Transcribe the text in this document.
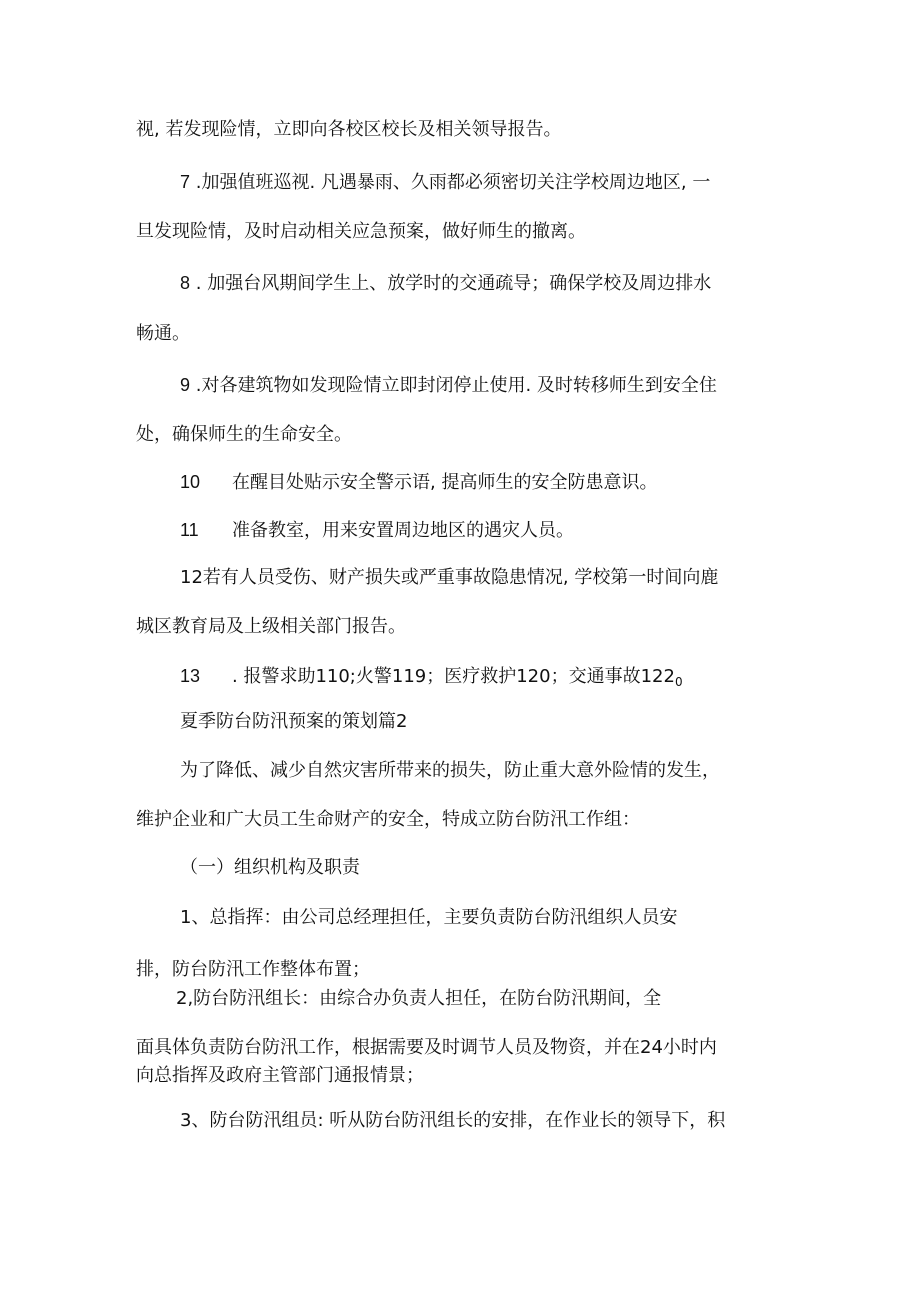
视, 若发现险情，立即向各校区校长及相关领导报告。
7 .加强值班巡视. 凡遇暴雨、久雨都必须密切关注学校周边地区, 一
旦发现险情，及时启动相关应急预案，做好师生的撤离。
8 . 加强台风期间学生上、放学时的交通疏导；确保学校及周边排水
畅通。
9 .对各建筑物如发现险情立即封闭停止使用. 及时转移师生到安全住
处，确保师生的生命安全。
10 在醒目处贴示安全警示语, 提高师生的安全防患意识。
11 准备教室，用来安置周边地区的遇灾人员。
12若有人员受伤、财产损失或严重事故隐患情况, 学校第一时间向鹿
城区教育局及上级相关部门报告。
13 . 报警求助110;火警119；医疗救护120；交通事故$122_0$
夏季防台防汛预案的策划篇2
为了降低、减少自然灾害所带来的损失，防止重大意外险情的发生，
维护企业和广大员工生命财产的安全，特成立防台防汛工作组：
（一）组织机构及职责
1、总指挥：由公司总经理担任，主要负责防台防汛组织人员安
排，防台防汛工作整体布置；
2,防台防汛组长：由综合办负责人担任，在防台防汛期间，全
面具体负责防台防汛工作，根据需要及时调节人员及物资，并在24小时内
向总指挥及政府主管部门通报情景；
3、防台防汛组员: 听从防台防汛组长的安排，在作业长的领导下，积
